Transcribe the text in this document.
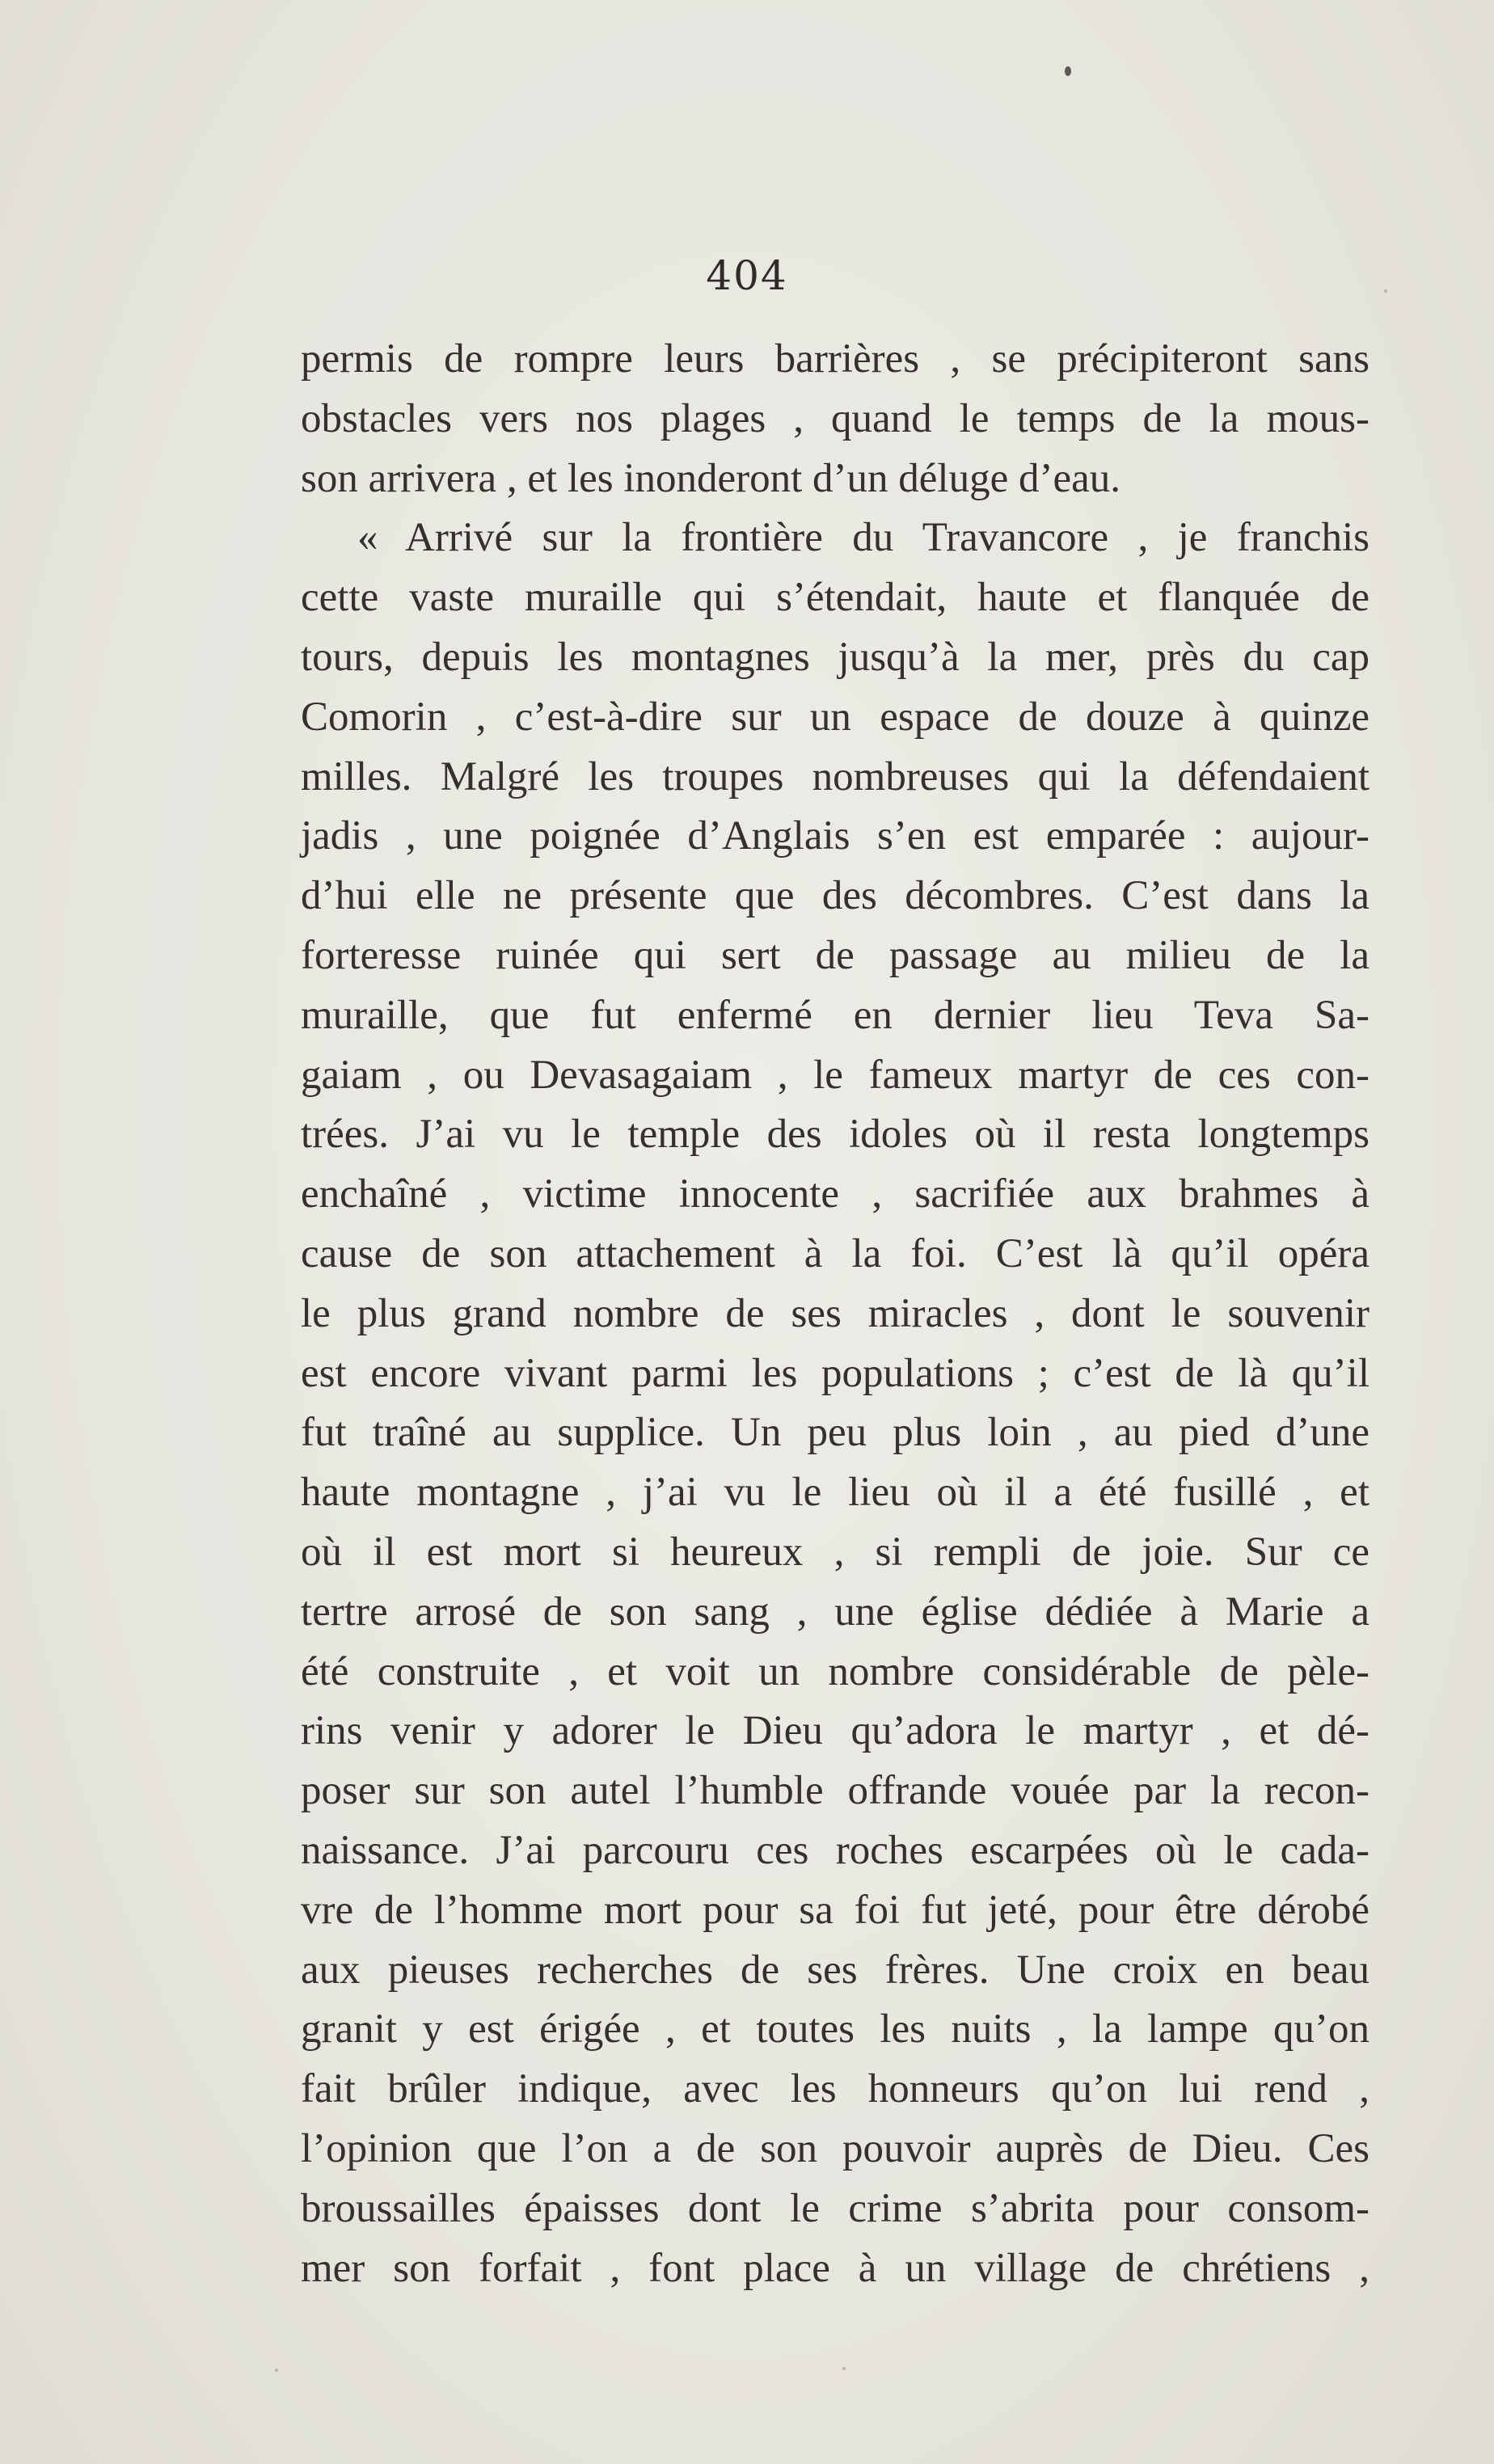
404
permis de rompre leurs barrières , se précipiteront sans
obstacles vers nos plages , quand le temps de la mous-
son arrivera , et les inonderont d’un déluge d’eau.
« Arrivé sur la frontière du Travancore , je franchis
cette vaste muraille qui s’étendait, haute et flanquée de
tours, depuis les montagnes jusqu’à la mer, près du cap
Comorin , c’est-à-dire sur un espace de douze à quinze
milles. Malgré les troupes nombreuses qui la défendaient
jadis , une poignée d’Anglais s’en est emparée : aujour-
d’hui elle ne présente que des décombres. C’est dans la
forteresse ruinée qui sert de passage au milieu de la
muraille, que fut enfermé en dernier lieu Teva Sa-
gaiam , ou Devasagaiam , le fameux martyr de ces con-
trées. J’ai vu le temple des idoles où il resta longtemps
enchaîné , victime innocente , sacrifiée aux brahmes à
cause de son attachement à la foi. C’est là qu’il opéra
le plus grand nombre de ses miracles , dont le souvenir
est encore vivant parmi les populations ; c’est de là qu’il
fut traîné au supplice. Un peu plus loin , au pied d’une
haute montagne , j’ai vu le lieu où il a été fusillé , et
où il est mort si heureux , si rempli de joie. Sur ce
tertre arrosé de son sang , une église dédiée à Marie a
été construite , et voit un nombre considérable de pèle-
rins venir y adorer le Dieu qu’adora le martyr , et dé-
poser sur son autel l’humble offrande vouée par la recon-
naissance. J’ai parcouru ces roches escarpées où le cada-
vre de l’homme mort pour sa foi fut jeté, pour être dérobé
aux pieuses recherches de ses frères. Une croix en beau
granit y est érigée , et toutes les nuits , la lampe qu’on
fait brûler indique, avec les honneurs qu’on lui rend ,
l’opinion que l’on a de son pouvoir auprès de Dieu. Ces
broussailles épaisses dont le crime s’abrita pour consom-
mer son forfait , font place à un village de chrétiens ,
